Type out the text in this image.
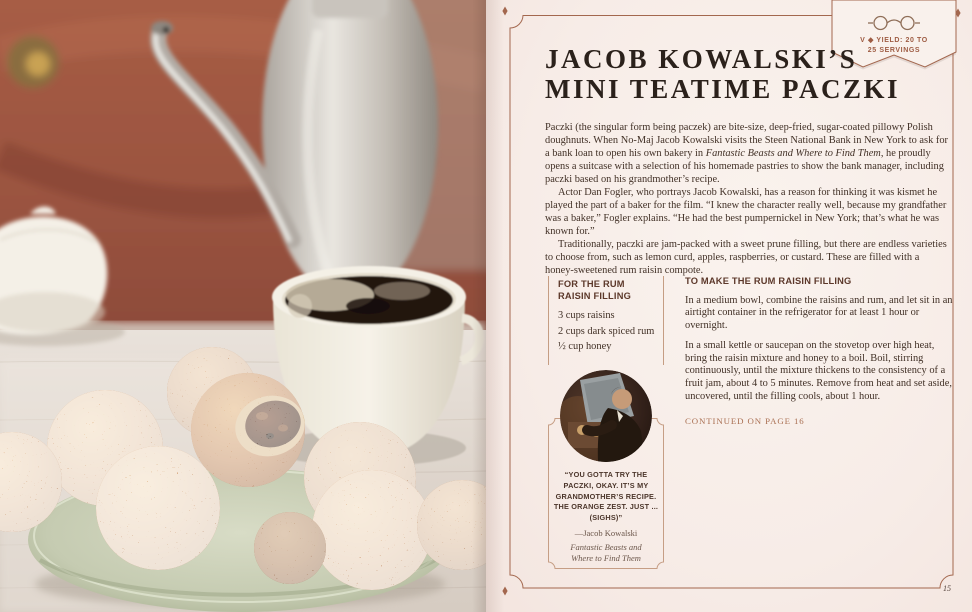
V ◆ YIELD: 20 TO
25 SERVINGS
JACOB KOWALSKI’S
MINI TEATIME PACZKI

Paczki (the singular form being paczek) are bite-size, deep-fried, sugar-coated pillowy Polish doughnuts. When No-Maj Jacob Kowalski visits the Steen National Bank in New York to ask for a bank loan to open his own bakery in Fantastic Beasts and Where to Find Them, he proudly opens a suitcase with a selection of his homemade pastries to show the bank manager, including paczki based on his grandmother’s recipe.

Actor Dan Fogler, who portrays Jacob Kowalski, has a reason for thinking it was kismet he played the part of a baker for the film. “I knew the character really well, because my grandfather was a baker,” Fogler explains. “He had the best pumpernickel in New York; that’s what he was known for.”

Traditionally, paczki are jam-packed with a sweet prune filling, but there are endless varieties to choose from, such as lemon curd, apples, raspberries, or custard. These are filled with a honey-sweetened rum raisin compote.

FOR THE RUM RAISIN FILLING
3 cups raisins
2 cups dark spiced rum
½ cup honey
TO MAKE THE RUM RAISIN FILLING

In a medium bowl, combine the raisins and rum, and let sit in an airtight container in the refrigerator for at least 1 hour or overnight.

In a small kettle or saucepan on the stovetop over high heat, bring the raisin mixture and honey to a boil. Boil, stirring continuously, until the mixture thickens to the consistency of a fruit jam, about 4 to 5 minutes. Remove from heat and set aside, uncovered, until the filling cools, about 1 hour.

CONTINUED ON PAGE 16
“YOU GOTTA TRY THE PACZKI, OKAY. IT’S MY GRANDMOTHER’S RECIPE. THE ORANGE ZEST. JUST ... (SIGHS)”
—Jacob Kowalski
Fantastic Beasts and
Where to Find Them
15
